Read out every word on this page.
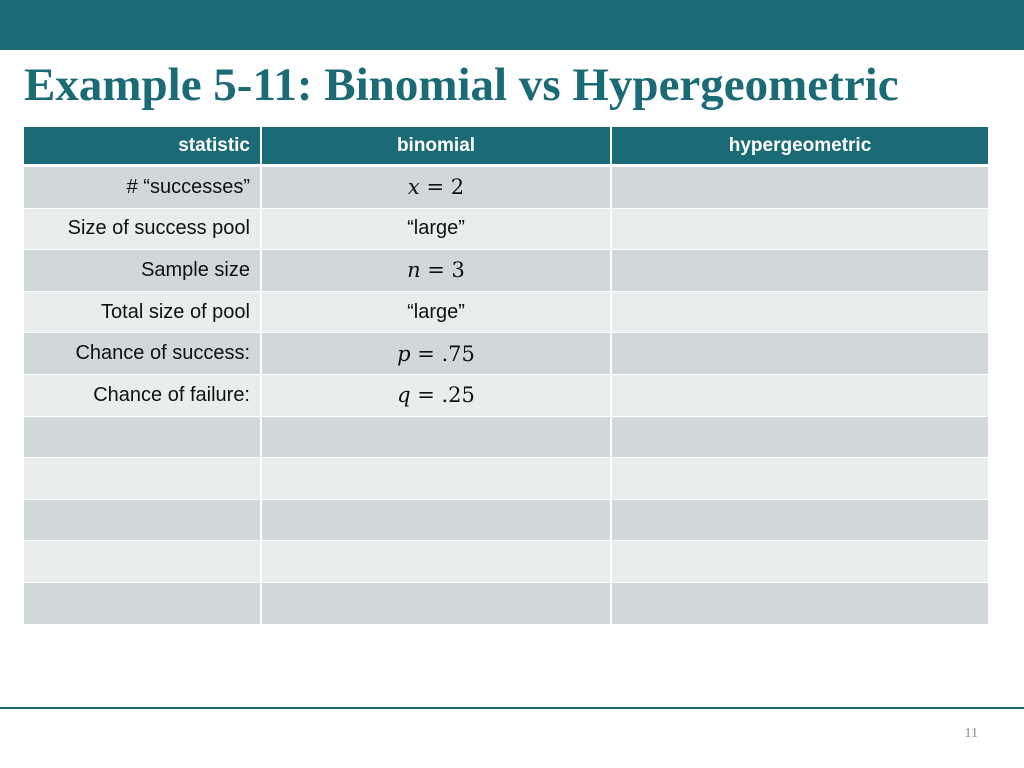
Example 5-11: Binomial vs Hypergeometric
statistic	binomial	hypergeometric
# “successes”	𝑥 = 2	
Size of success pool	“large”	
Sample size	𝑛 = 3	
Total size of pool	“large”	
Chance of success:	𝑝 = .75	
Chance of failure:	𝑞 = .25	

11
